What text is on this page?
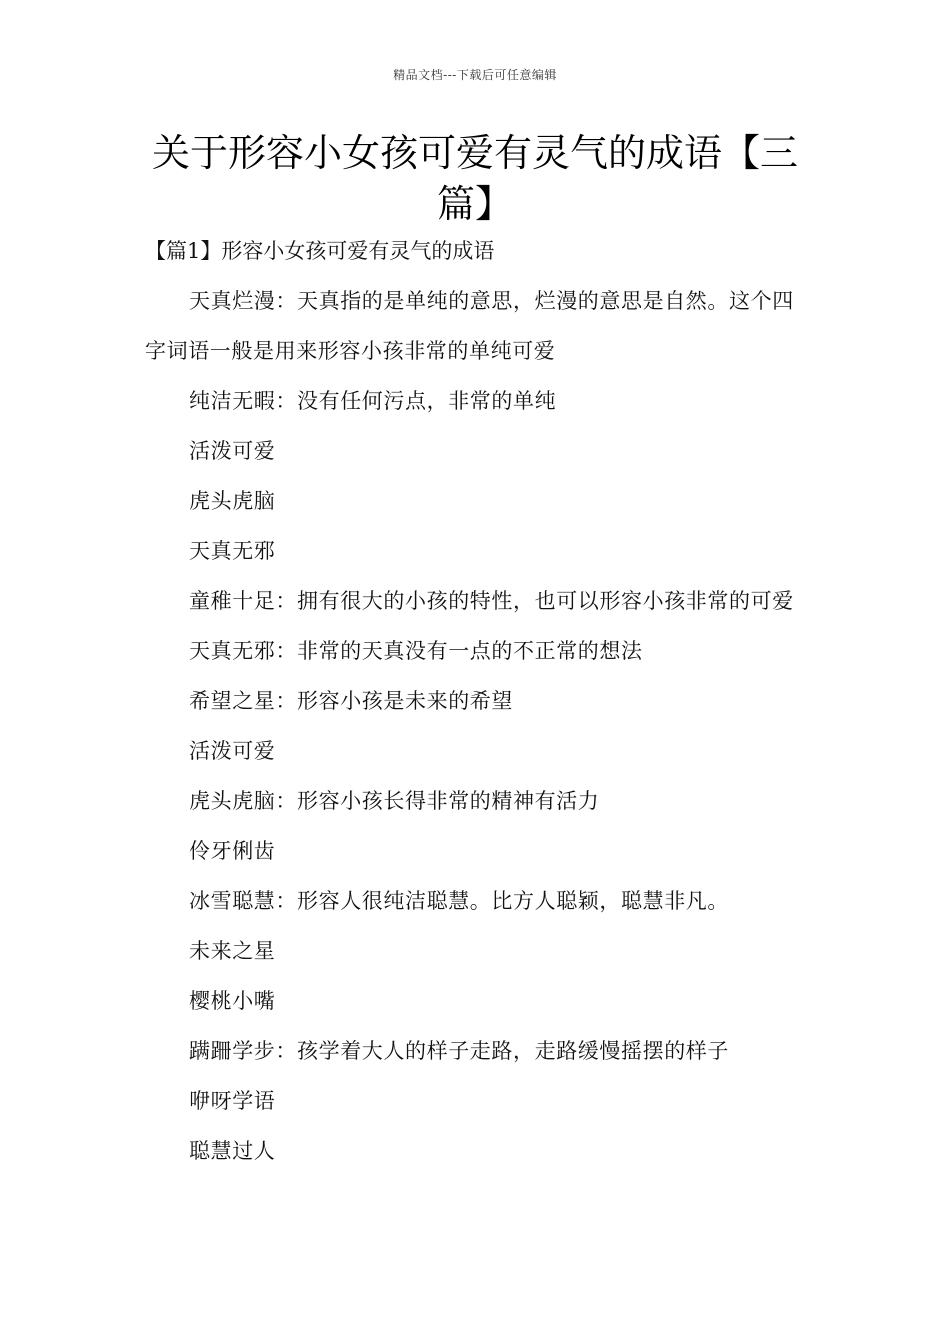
精品文档---下载后可任意编辑
关于形容小女孩可爱有灵气的成语【三篇】

【篇1】形容小女孩可爱有灵气的成语

天真烂漫：天真指的是单纯的意思，烂漫的意思是自然。这个四字词语一般是用来形容小孩非常的单纯可爱

纯洁无暇：没有任何污点，非常的单纯

活泼可爱

虎头虎脑

天真无邪

童稚十足：拥有很大的小孩的特性，也可以形容小孩非常的可爱

天真无邪：非常的天真没有一点的不正常的想法

希望之星：形容小孩是未来的希望

活泼可爱

虎头虎脑：形容小孩长得非常的精神有活力

伶牙俐齿

冰雪聪慧：形容人很纯洁聪慧。比方人聪颖，聪慧非凡。

未来之星

樱桃小嘴

蹒跚学步：孩学着大人的样子走路，走路缓慢摇摆的样子

咿呀学语

聪慧过人
